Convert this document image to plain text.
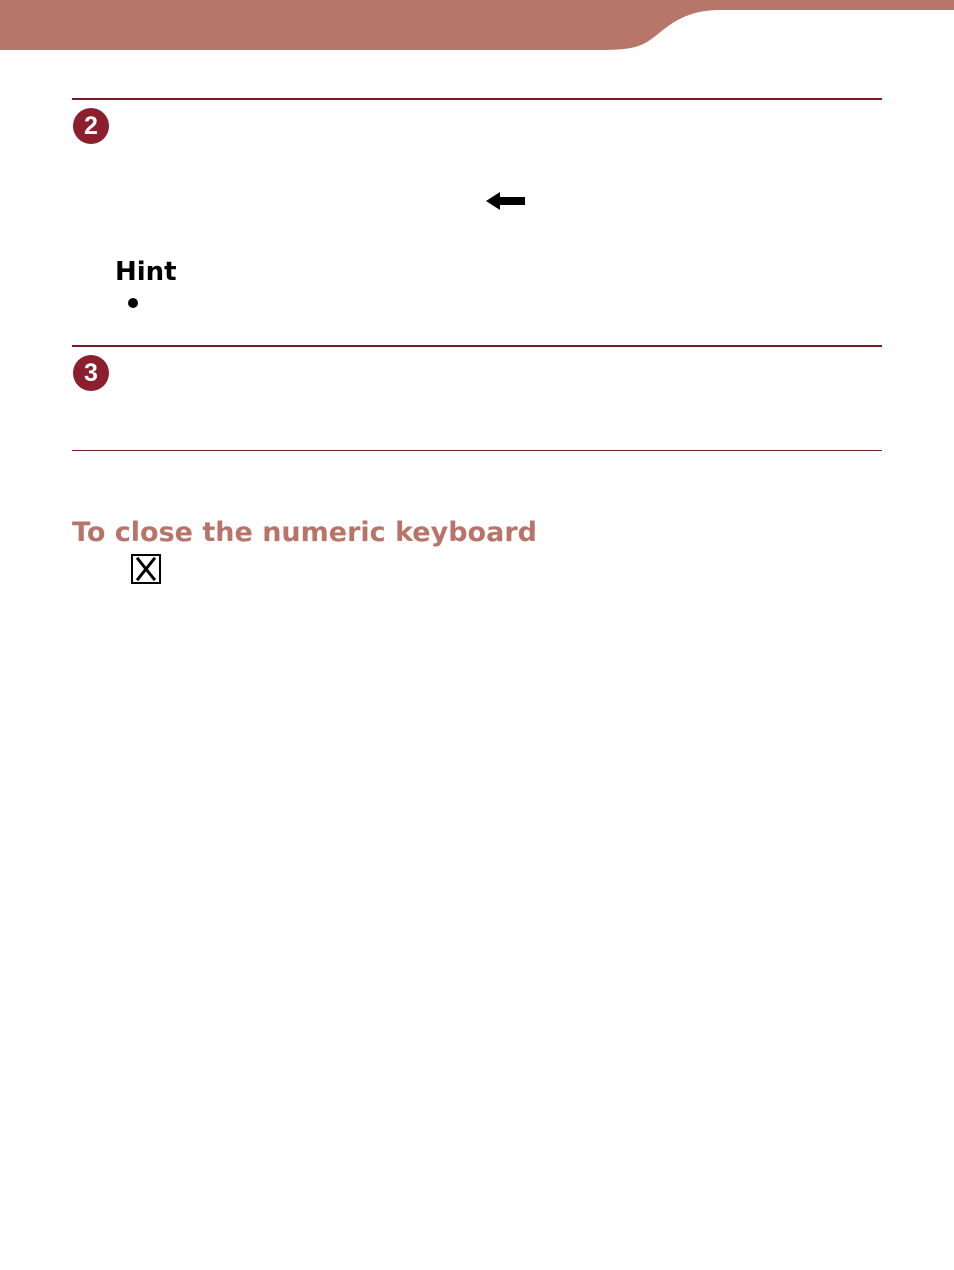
2
Hint
3
To close the numeric keyboard
